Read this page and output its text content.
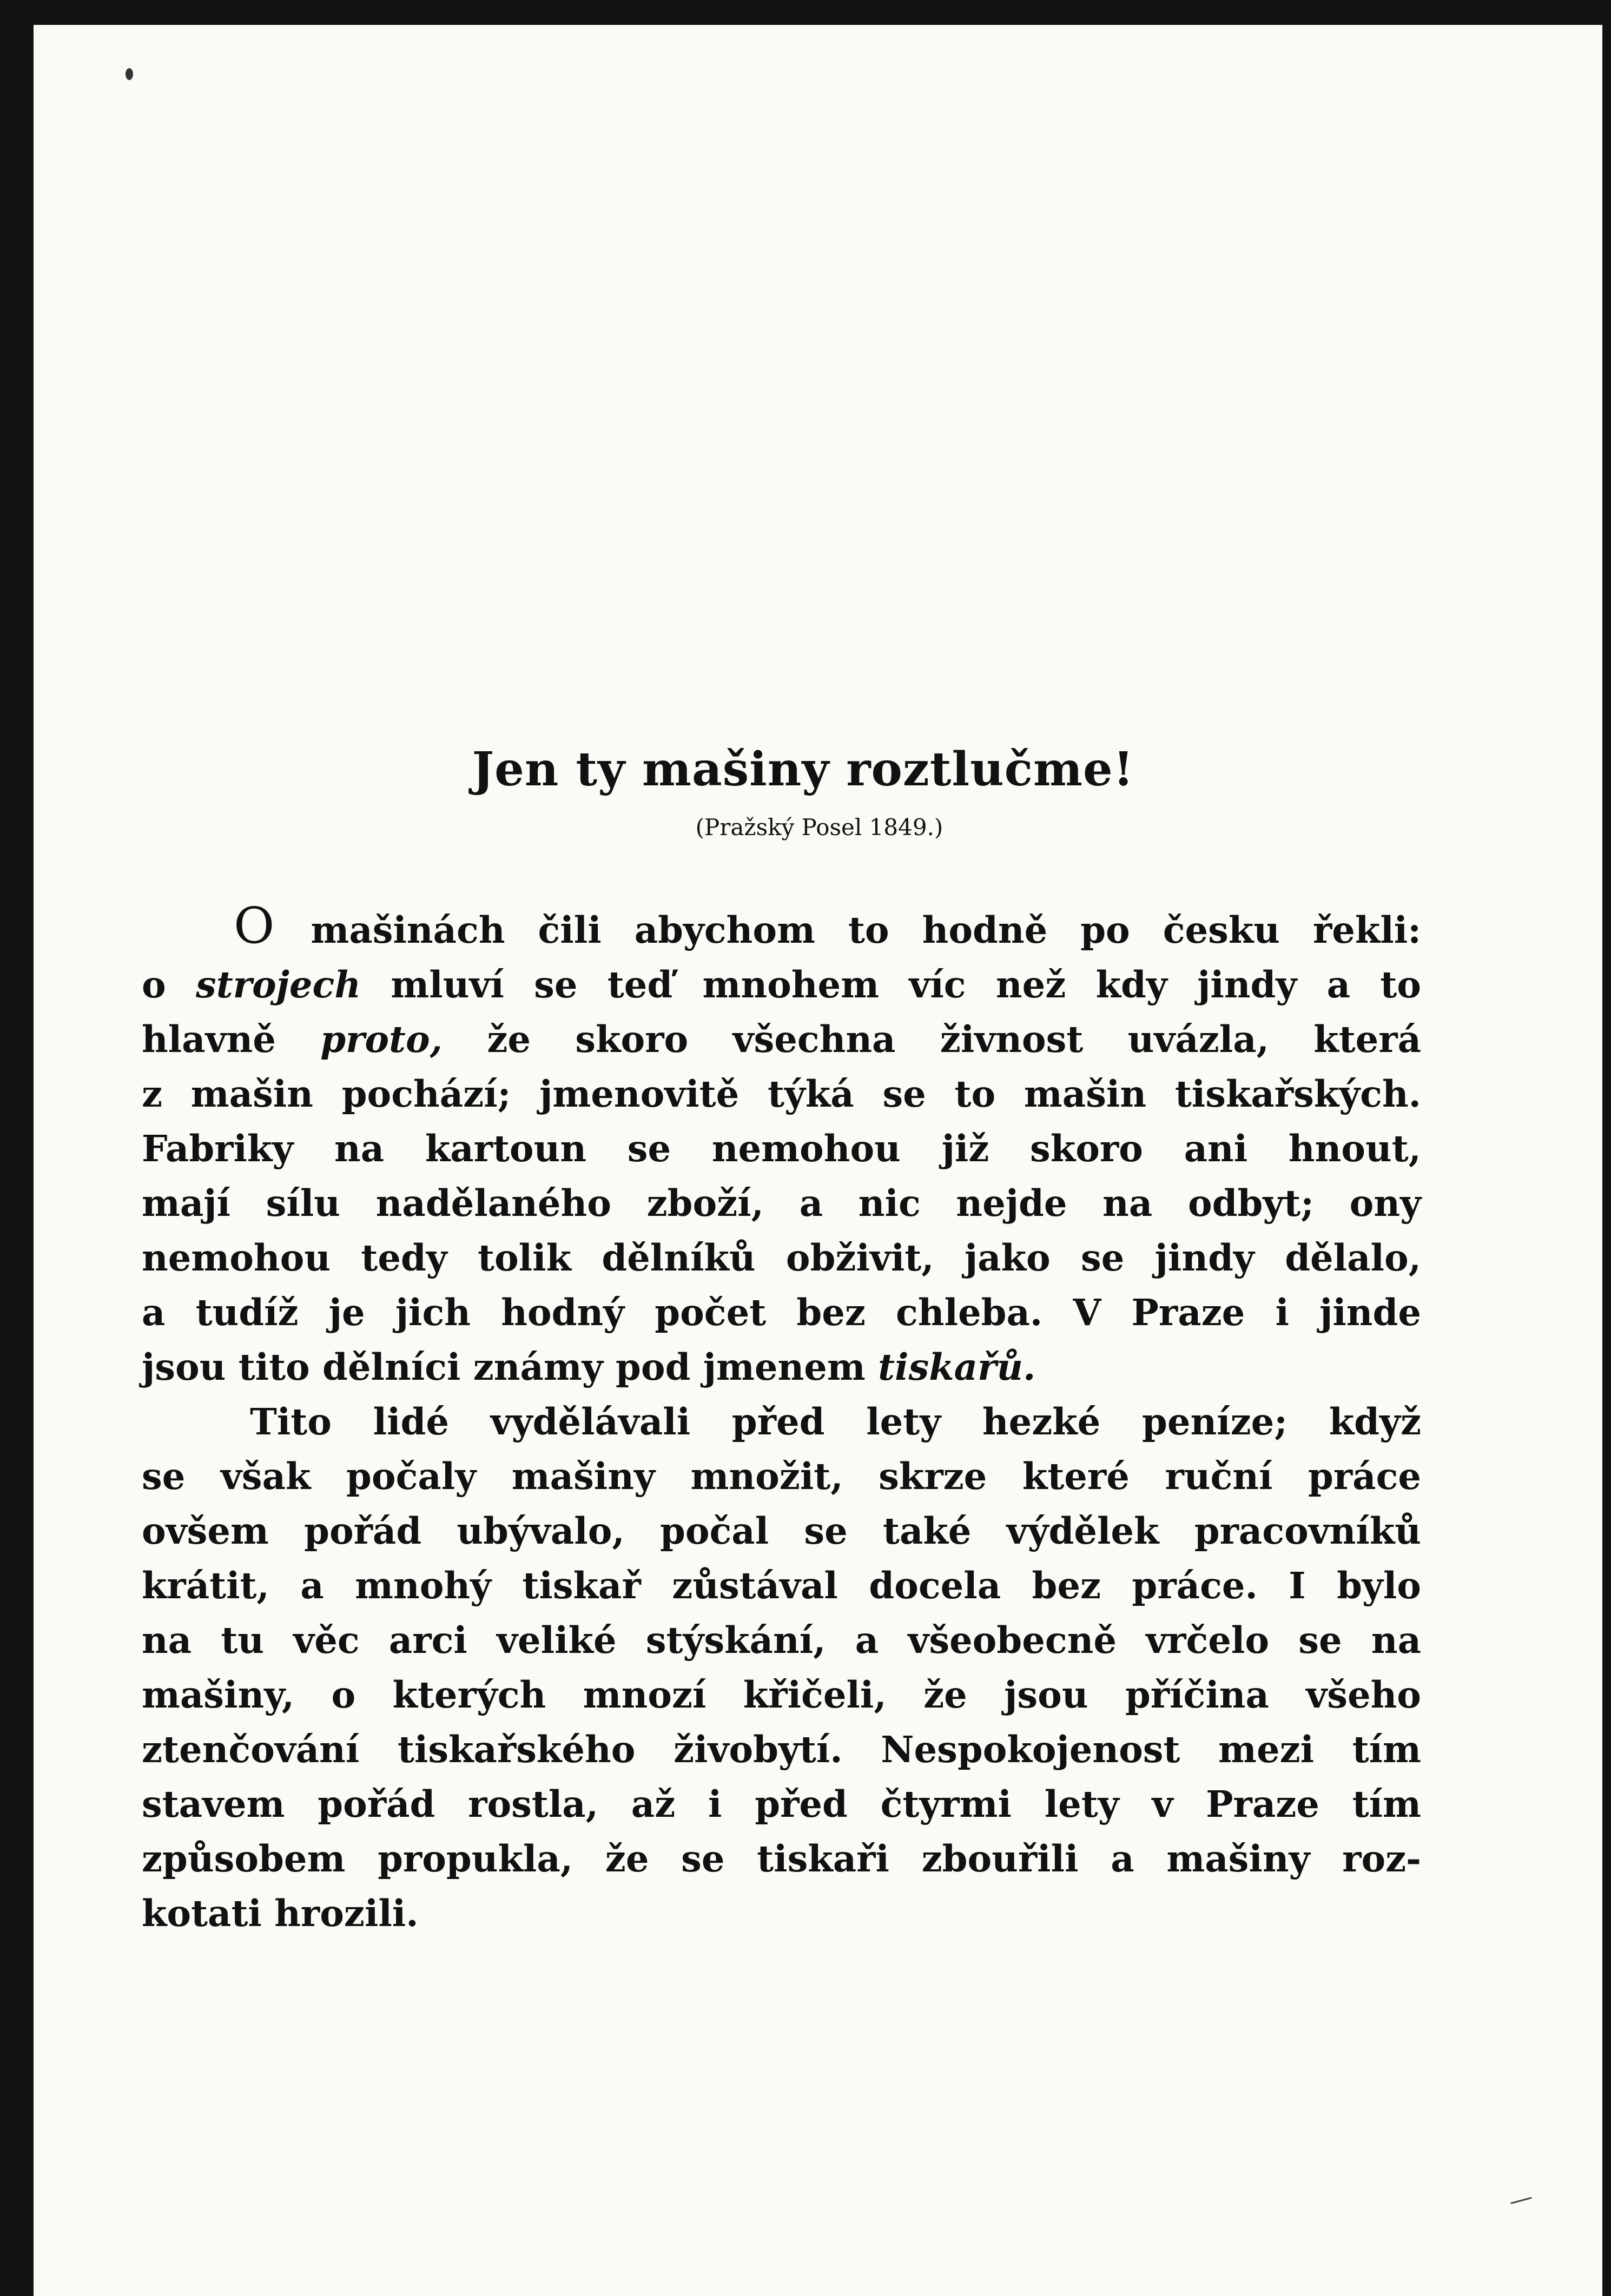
Jen ty mašiny roztlučme!

(Pražský Posel 1849.)

O mašinách čili abychom to hodně po česku řekli:
o strojech mluví se teď mnohem víc než kdy jindy a to
hlavně proto, že skoro všechna živnost uvázla, která
z mašin pochází; jmenovitě týká se to mašin tiskařských.
Fabriky na kartoun se nemohou již skoro ani hnout,
mají sílu nadělaného zboží, a nic nejde na odbyt; ony
nemohou tedy tolik dělníků obživit, jako se jindy dělalo,
a tudíž je jich hodný počet bez chleba. V Praze i jinde
jsou tito dělníci známy pod jmenem tiskařů.

Tito lidé vydělávali před lety hezké peníze; když
se však počaly mašiny množit, skrze které ruční práce
ovšem pořád ubývalo, počal se také výdělek pracovníků
krátit, a mnohý tiskař zůstával docela bez práce. I bylo
na tu věc arci veliké stýskání, a všeobecně vrčelo se na
mašiny, o kterých mnozí křičeli, že jsou příčina všeho
ztenčování tiskařského živobytí. Nespokojenost mezi tím
stavem pořád rostla, až i před čtyrmi lety v Praze tím
způsobem propukla, že se tiskaři zbouřili a mašiny roz-
kotati hrozili.
